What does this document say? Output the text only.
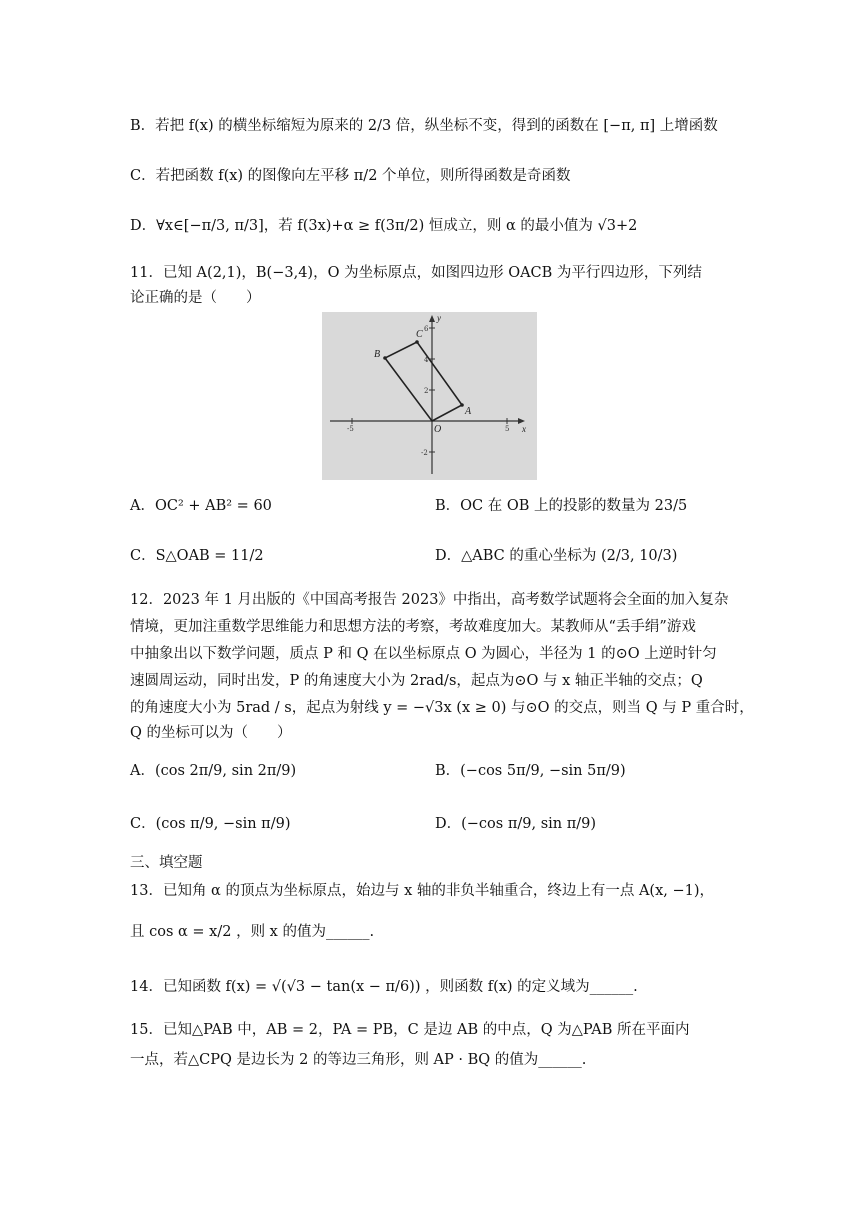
B．若把 f(x) 的横坐标缩短为原来的 2/3 倍，纵坐标不变，得到的函数在 [−π, π] 上增函数
C．若把函数 f(x) 的图像向左平移 π/2 个单位，则所得函数是奇函数
D．∀x∈[−π/3, π/3]，若 f(3x)+α ≥ f(3π/2) 恒成立，则 α 的最小值为 √3+2
11．已知 A(2,1)，B(−3,4)，O 为坐标原点，如图四边形 OACB 为平行四边形，下列结
论正确的是（　　）
A
B
C
O	x
y
-5	5
2
4
6
-2
A．OC² + AB² = 60	B．OC 在 OB 上的投影的数量为 23/5
C．S△OAB = 11/2	D．△ABC 的重心坐标为 (2/3, 10/3)
12．2023 年 1 月出版的《中国高考报告 2023》中指出，高考数学试题将会全面的加入复杂
情境，更加注重数学思维能力和思想方法的考察，考故难度加大。某教师从“丢手绢”游戏
中抽象出以下数学问题，质点 P 和 Q 在以坐标原点 O 为圆心，半径为 1 的⊙O 上逆时针匀
速圆周运动，同时出发，P 的角速度大小为 2rad/s，起点为⊙O 与 x 轴正半轴的交点；Q
的角速度大小为 5rad / s，起点为射线 y = −√3x (x ≥ 0) 与⊙O 的交点，则当 Q 与 P 重合时，
Q 的坐标可以为（　　）
A．(cos 2π/9, sin 2π/9)	B．(−cos 5π/9, −sin 5π/9)
C．(cos π/9, −sin π/9)	D．(−cos π/9, sin π/9)
三、填空题
13．已知角 α 的顶点为坐标原点，始边与 x 轴的非负半轴重合，终边上有一点 A(x, −1)，
且 cos α = x/2 ，则 x 的值为______.
14．已知函数 f(x) = √(√3 − tan(x − π/6)) ，则函数 f(x) 的定义域为______.
15．已知△PAB 中，AB = 2，PA = PB，C 是边 AB 的中点，Q 为△PAB 所在平面内
一点，若△CPQ 是边长为 2 的等边三角形，则 AP · BQ 的值为______.
